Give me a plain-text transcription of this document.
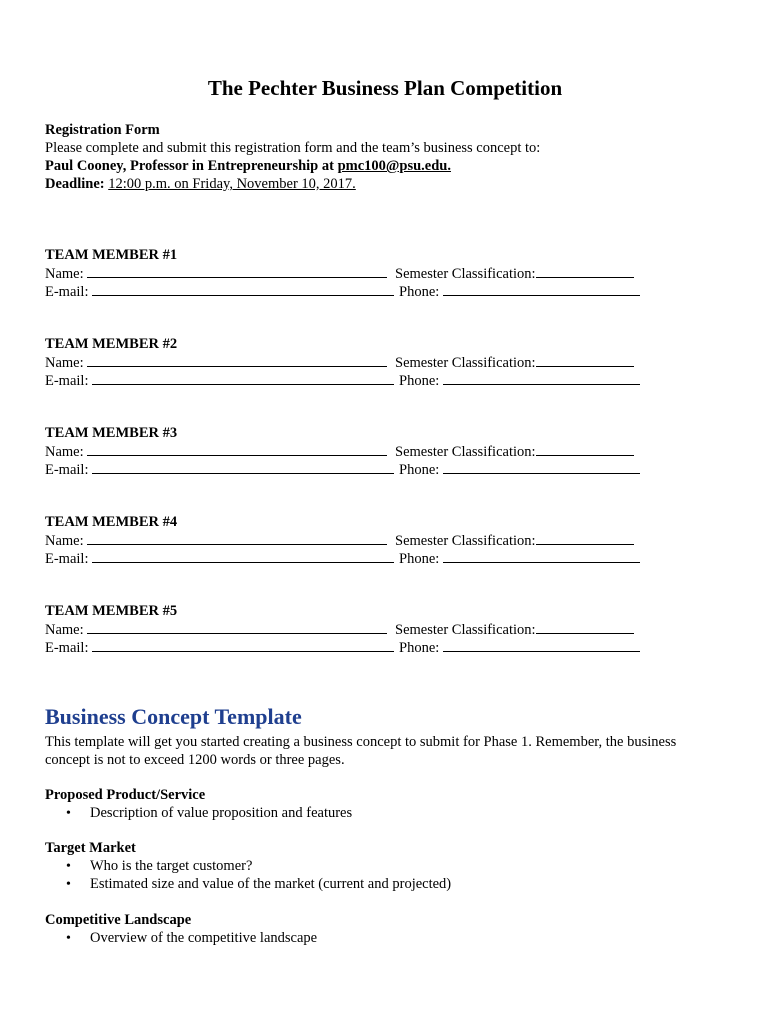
The Pechter Business Plan Competition
Registration Form
Please complete and submit this registration form and the team’s business concept to:
Paul Cooney, Professor in Entrepreneurship at pmc100@psu.edu.
Deadline: 12:00 p.m. on Friday, November 10, 2017.
TEAM MEMBER #1
Name:	Semester Classification:
E-mail:	Phone:
TEAM MEMBER #2
Name:	Semester Classification:
E-mail:	Phone:
TEAM MEMBER #3
Name:	Semester Classification:
E-mail:	Phone:
TEAM MEMBER #4
Name:	Semester Classification:
E-mail:	Phone:
TEAM MEMBER #5
Name:	Semester Classification:
E-mail:	Phone:
Business Concept Template
This template will get you started creating a business concept to submit for Phase 1. Remember, the business
concept is not to exceed 1200 words or three pages.
Proposed Product/Service
• Description of value proposition and features
Target Market
• Who is the target customer?
• Estimated size and value of the market (current and projected)
Competitive Landscape
• Overview of the competitive landscape
